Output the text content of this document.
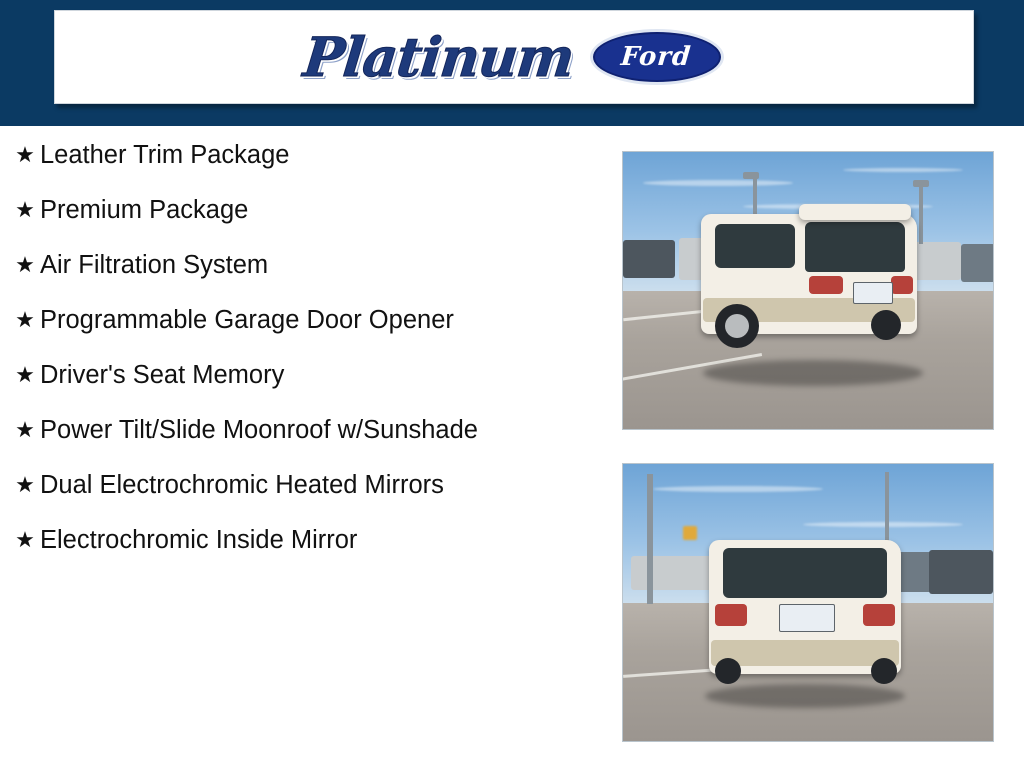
Platinum Ford
★ Leather Trim Package
★ Premium Package
★ Air Filtration System
★ Programmable Garage Door Opener
★ Driver's Seat Memory
★ Power Tilt/Slide Moonroof w/Sunshade
★ Dual Electrochromic Heated Mirrors
★ Electrochromic Inside Mirror
